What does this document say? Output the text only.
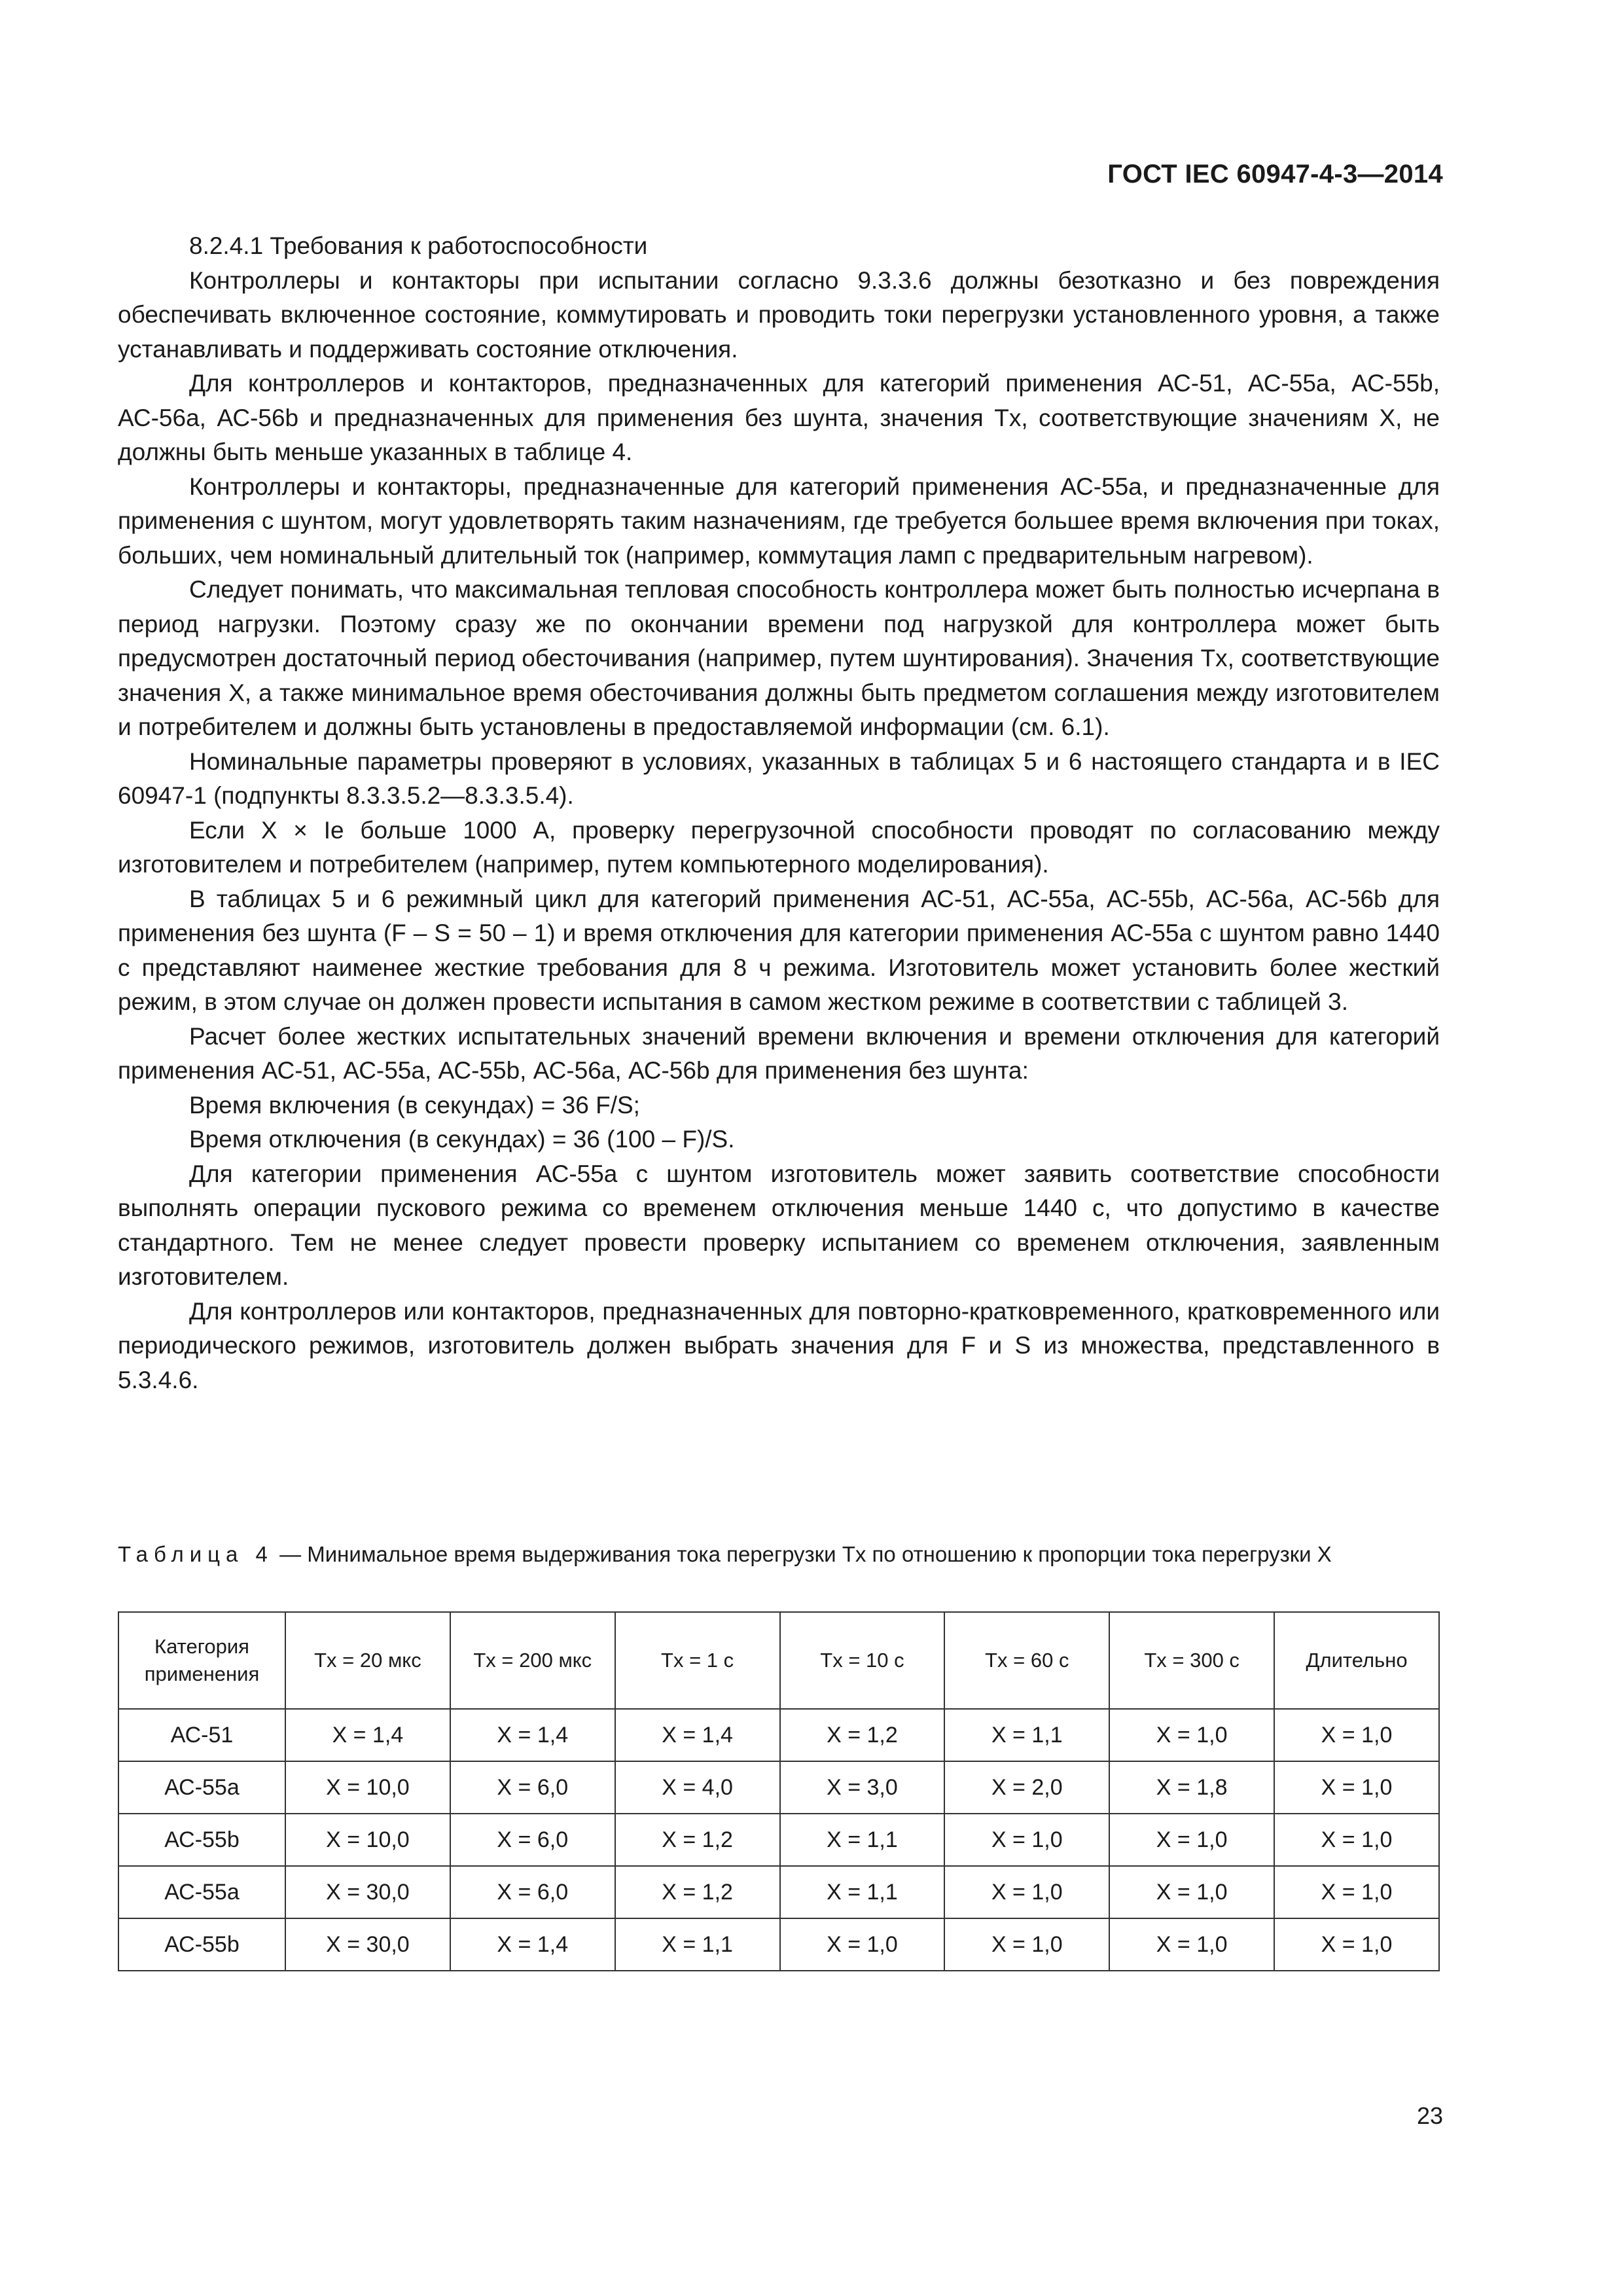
ГОСТ IEC 60947-4-3—2014

8.2.4.1 Требования к работоспособности

Контроллеры и контакторы при испытании согласно 9.3.3.6 должны безотказно и без повреждения обеспечивать включенное состояние, коммутировать и проводить токи перегрузки установленного уровня, а также устанавливать и поддерживать состояние отключения.

Для контроллеров и контакторов, предназначенных для категорий применения АС-51, АС-55а, АС-55b, АС-56а, АС-56b и предназначенных для применения без шунта, значения Tx, соответствующие значениям X, не должны быть меньше указанных в таблице 4.

Контроллеры и контакторы, предназначенные для категорий применения АС-55а, и предназначенные для применения с шунтом, могут удовлетворять таким назначениям, где требуется большее время включения при токах, больших, чем номинальный длительный ток (например, коммутация ламп с предварительным нагревом).

Следует понимать, что максимальная тепловая способность контроллера может быть полностью исчерпана в период нагрузки. Поэтому сразу же по окончании времени под нагрузкой для контроллера может быть предусмотрен достаточный период обесточивания (например, путем шунтирования). Значения Tx, соответствующие значения X, а также минимальное время обесточивания должны быть предметом соглашения между изготовителем и потребителем и должны быть установлены в предоставляемой информации (см. 6.1).

Номинальные параметры проверяют в условиях, указанных в таблицах 5 и 6 настоящего стандарта и в IEC 60947-1 (подпункты 8.3.3.5.2—8.3.3.5.4).

Если X × Ie больше 1000 А, проверку перегрузочной способности проводят по согласованию между изготовителем и потребителем (например, путем компьютерного моделирования).

В таблицах 5 и 6 режимный цикл для категорий применения АС-51, АС-55а, АС-55b, АС-56а, АС-56b для применения без шунта (F – S = 50 – 1) и время отключения для категории применения АС-55а с шунтом равно 1440 с представляют наименее жесткие требования для 8 ч режима. Изготовитель может установить более жесткий режим, в этом случае он должен провести испытания в самом жестком режиме в соответствии с таблицей 3.

Расчет более жестких испытательных значений времени включения и времени отключения для категорий применения АС-51, АС-55а, АС-55b, АС-56а, АС-56b для применения без шунта:

Время включения (в секундах) = 36 F/S;

Время отключения (в секундах) = 36 (100 – F)/S.

Для категории применения АС-55а с шунтом изготовитель может заявить соответствие способности выполнять операции пускового режима со временем отключения меньше 1440 с, что допустимо в качестве стандартного. Тем не менее следует провести проверку испытанием со временем отключения, заявленным изготовителем.

Для контроллеров или контакторов, предназначенных для повторно-кратковременного, кратковременного или периодического режимов, изготовитель должен выбрать значения для F и S из множества, представленного в 5.3.4.6.

Таблица 4 — Минимальное время выдерживания тока перегрузки Tx по отношению к пропорции тока перегрузки X
Категория применения	Tx = 20 мкс	Tx = 200 мкс	Tx = 1 с	Tx = 10 с	Tx = 60 с	Tx = 300 с	Длительно
АС-51	X = 1,4	X = 1,4	X = 1,4	X = 1,2	X = 1,1	X = 1,0	X = 1,0
АС-55а	X = 10,0	X = 6,0	X = 4,0	X = 3,0	X = 2,0	X = 1,8	X = 1,0
АС-55b	X = 10,0	X = 6,0	X = 1,2	X = 1,1	X = 1,0	X = 1,0	X = 1,0
АС-55а	X = 30,0	X = 6,0	X = 1,2	X = 1,1	X = 1,0	X = 1,0	X = 1,0
АС-55b	X = 30,0	X = 1,4	X = 1,1	X = 1,0	X = 1,0	X = 1,0	X = 1,0
23
